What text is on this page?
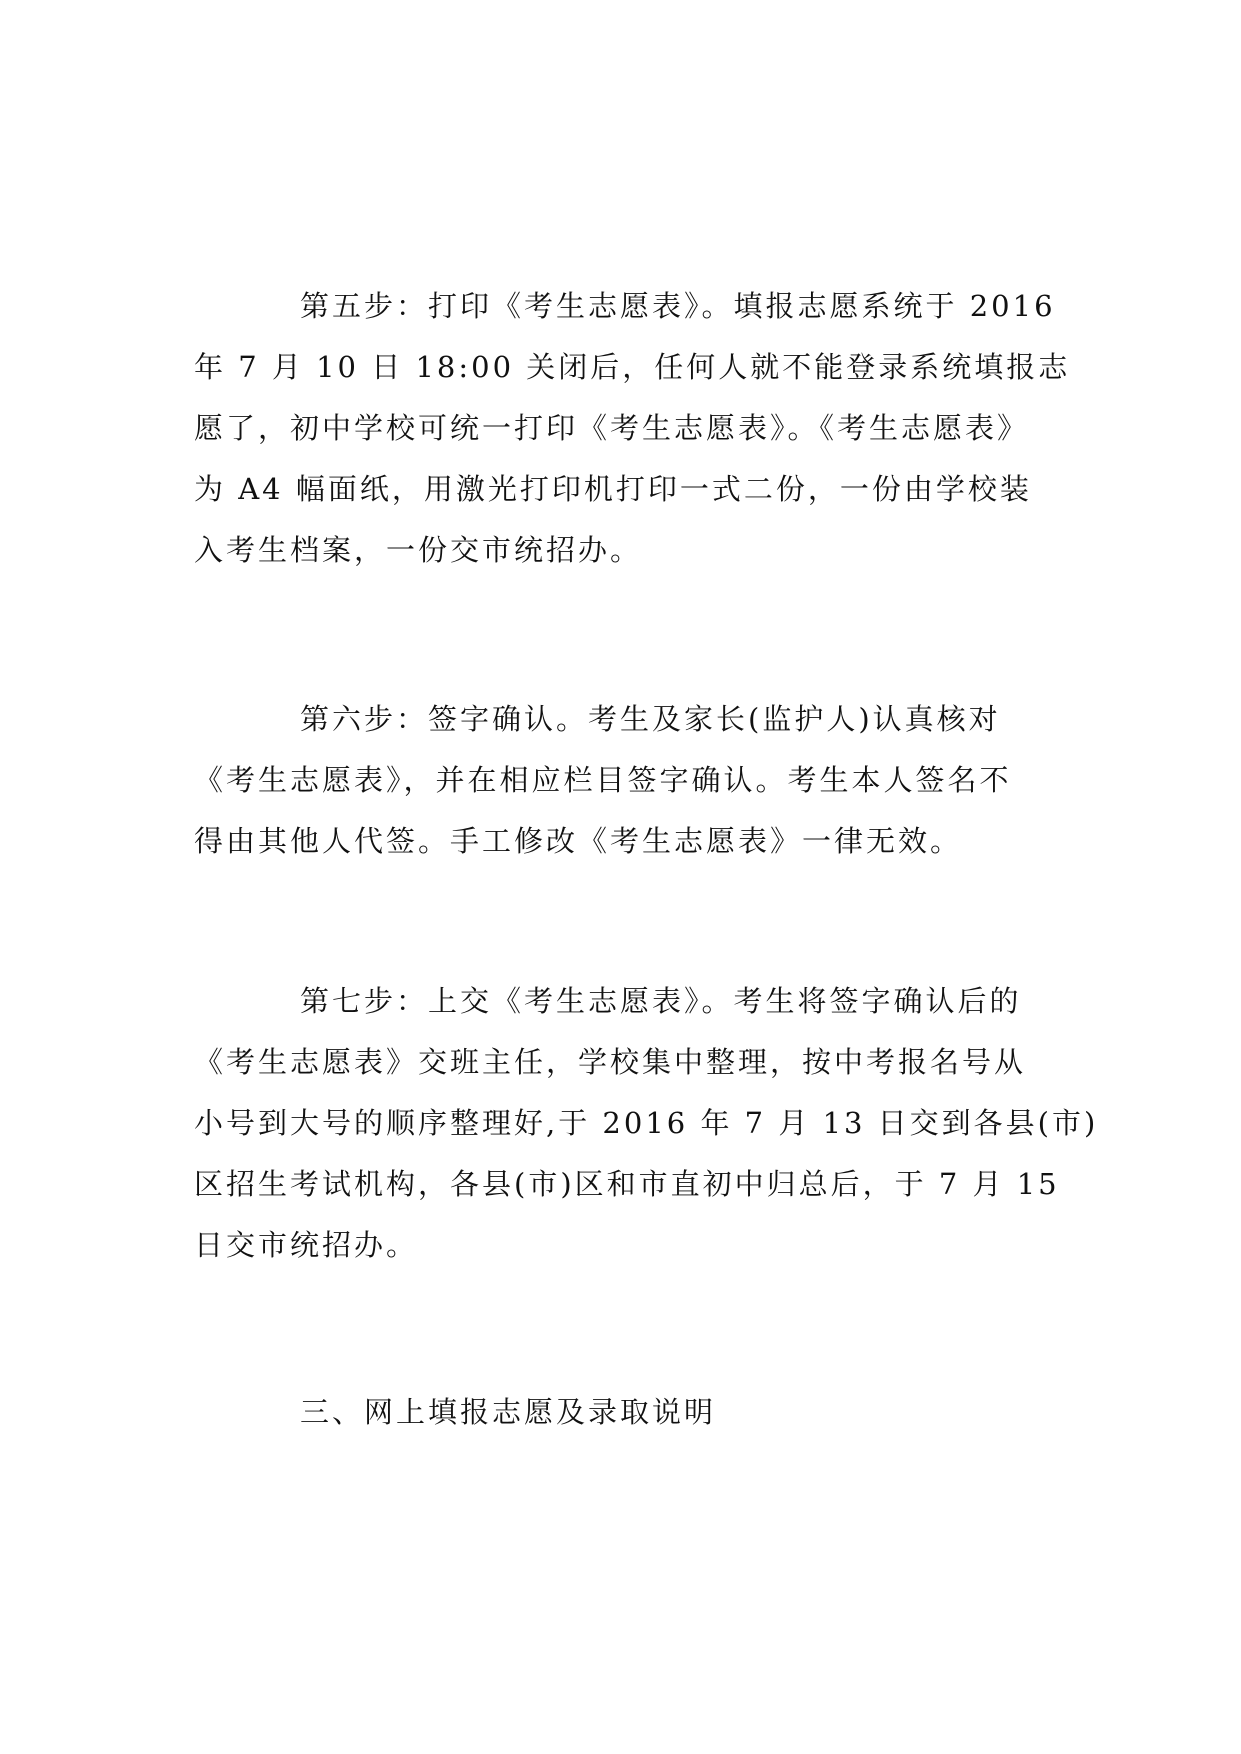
第五步：打印《考生志愿表》。填报志愿系统于 2016
年 7 月 10 日 18:00 关闭后，任何人就不能登录系统填报志
愿了，初中学校可统一打印《考生志愿表》。《考生志愿表》
为 A4 幅面纸，用激光打印机打印一式二份，一份由学校装
入考生档案，一份交市统招办。

第六步：签字确认。考生及家长(监护人)认真核对
《考生志愿表》，并在相应栏目签字确认。考生本人签名不
得由其他人代签。手工修改《考生志愿表》一律无效。

第七步：上交《考生志愿表》。考生将签字确认后的
《考生志愿表》交班主任，学校集中整理，按中考报名号从
小号到大号的顺序整理好,于 2016 年 7 月 13 日交到各县(市)
区招生考试机构，各县(市)区和市直初中归总后，于 7 月 15
日交市统招办。

三、网上填报志愿及录取说明
